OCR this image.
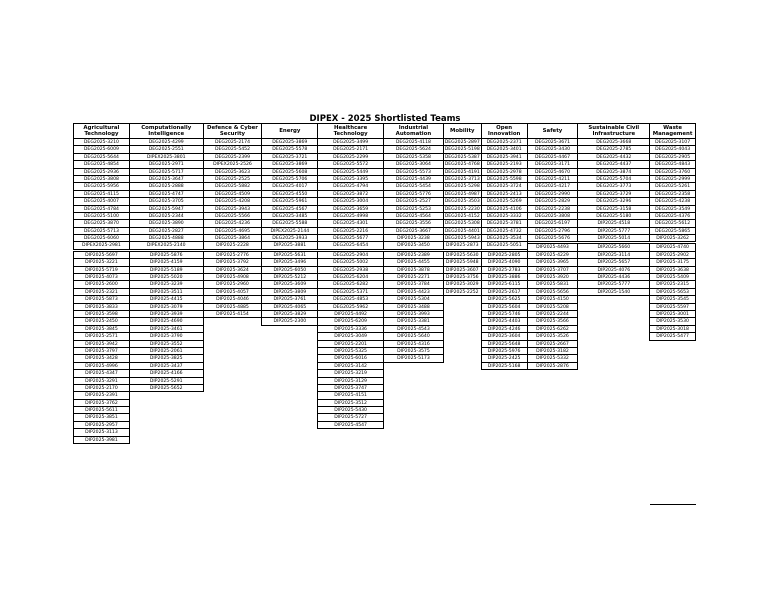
DIPEX - 2025 Shortlisted Teams
Agricultural Technology
DEG2025-3210
DEG2025-6009
DEG2025-5644
DEG2025-4854
DEG2025-2936
DEG2025-3808
DEG2025-5956
DEG2025-4115
DEG2025-4007
DEG2025-4784
DEG2025-5100
DEG2025-3870
DEG2025-5713
DEG2025-6060
DIPEX2025-2981
DIP2025-5697
DIP2025-3221
DIP2025-5719
DIP2025-4073
DIP2025-2600
DIP2025-2321
DIP2025-5873
DIP2025-3833
DIP2025-3598
DIP2025-2450
DIP2025-3845
DIP2025-2571
DIP2025-3942
DIP2025-3797
DIP2025-3428
DIP2025-4996
DIP2025-4347
DIP2025-3291
DIP2025-2170
DIP2025-2391
DIP2025-3762
DIP2025-5611
DIP2025-3851
DIP2025-2957
DIP2025-3113
DIP2025-3981
Computationally Intelligence
DEG2025-4299
DEG2025-2551
DIPEX2025-3801
DEG2025-2971
DEG2025-5717
DEG2025-3647
DEG2025-2888
DEG2025-4747
DEG2025-3705
DEG2025-5947
DEG2025-2344
DEG2025-3890
DEG2025-2827
DEG2025-4888
DIPEX2025-2140
DIP2025-5876
DIP2025-4159
DIP2025-5189
DIP2025-5020
DIP2025-3239
DIP2025-3511
DIP2025-4415
DIP2025-3079
DIP2025-3939
DIP2025-4690
DIP2025-3461
DIP2025-3790
DIP2025-3552
DIP2025-2061
DIP2025-3825
DIP2025-3437
DIP2025-4166
DIP2025-5291
DIP2025-5652
Defence & Cyber Security
DEG2025-2174
DEG2025-5452
DEG2025-2399
DIPEX2025-2526
DEG2025-3623
DEG2025-2525
DEG2025-5882
DEG2025-4509
DEG2025-4208
DEG2025-3943
DEG2025-5566
DEG2025-4236
DEG2025-4695
DEG2025-3864
DIP2025-2228
DIP2025-2776
DIP2025-3792
DIP2025-3624
DIP2025-4908
DIP2025-2960
DIP2025-4057
DIP2025-4046
DIP2025-4885
DIP2025-4154
Energy
DEG2025-3869
DEG2025-5578
DEG2025-3721
DEG2025-3869
DEG2025-5608
DEG2025-5706
DEG2025-4017
DEG2025-4550
DEG2025-5961
DEG2025-4567
DEG2025-3485
DEG2025-5588
DIPEX2025-2144
DEG2025-3933
DIP2025-3881
DIP2025-5631
DIP2025-3496
DIP2025-6050
DIP2025-5212
DIP2025-3609
DIP2025-3809
DIP2025-3761
DIP2025-4065
DIP2025-3829
DIP2025-2300
Healthcare Technology
DEG2025-3499
DEG2025-2171
DEG2025-2299
DEG2025-5572
DEG2025-5449
DEG2025-3395
DEG2025-4794
DEG2025-3872
DEG2025-3004
DEG2025-3659
DEG2025-4998
DEG2025-4301
DEG2025-2216
DEG2025-5677
DEG2025-6454
DEG2025-2904
DEG2025-5002
DEG2025-2938
DEG2025-6204
DEG2025-6282
DEG2025-5371
DEG2025-4853
DEG2025-5962
DIP2025-4492
DIP2025-6209
DIP2025-3336
DIP2025-3049
DIP2025-2201
DIP2025-5325
DIP2025-6016
DIP2025-3142
DIP2025-3219
DIP2025-3129
DIP2025-3747
DIP2025-4151
DIP2025-3512
DIP2025-5430
DIP2025-5727
DIP2025-4547
Industrial Automation
DEG2025-4118
DEG2025-5624
DEG2025-5358
DEG2025-3064
DEG2025-5573
DEG2025-4439
DEG2025-5454
DEG2025-5776
DEG2025-2527
DEG2025-5253
DEG2025-4564
DEG2025-3556
DEG2025-3667
DIP2025-3238
DIP2025-3450
DIP2025-2389
DIP2025-4455
DIP2025-3878
DIP2025-2271
DIP2025-3784
DIP2025-4423
DIP2025-5304
DIP2025-3488
DIP2025-3993
DIP2025-3381
DIP2025-4543
DIP2025-5640
DIP2025-4316
DIP2025-3575
DIP2025-5173
Mobility
DEG2025-2897
DEG2025-5198
DEG2025-5387
DEG2025-4768
DEG2025-4191
DEG2025-3713
DEG2025-5298
DEG2025-4987
DEG2025-3503
DEG2025-2230
DEG2025-4152
DEG2025-5308
DEG2025-4401
DEG2025-5943
DIP2025-2873
DIP2025-5630
DIP2025-5948
DIP2025-3607
DIP2025-3756
DIP2025-3029
DIP2025-2252
Open Innovation
DEG2025-2371
DEG2025-3401
DEG2025-3941
DEG2025-2193
DEG2025-2978
DEG2025-5598
DEG2025-3724
DEG2025-2413
DEG2025-5269
DEG2025-4106
DEG2025-3332
DEG2025-3781
DEG2025-4732
DEG2025-3534
DEG2025-5051
DIP2025-2805
DIP2025-4090
DIP2025-2783
DIP2025-3886
DIP2025-6115
DIP2025-2617
DIP2025-5625
DIP2025-5604
DIP2025-5746
DIP2025-4403
DIP2025-4246
DIP2025-3604
DIP2025-5648
DIP2025-5976
DIP2025-2425
DIP2025-5168
Safety
DEG2025-3671
DEG2025-3430
DEG2025-4467
DEG2025-3171
DEG2025-4670
DEG2025-4211
DEG2025-4217
DEG2025-2990
DEG2025-2829
DEG2025-2238
DEG2025-3808
DEG2025-6197
DEG2025-2796
DEG2025-5676
DIP2025-4493
DIP2025-4229
DIP2025-3965
DIP2025-3707
DIP2025-3920
DIP2025-5831
DIP2025-5656
DIP2025-4150
DIP2025-5208
DIP2025-2244
DIP2025-3566
DIP2025-6262
DIP2025-3526
DIP2025-2667
DIP2025-3182
DIP2025-5332
DIP2025-2876
Sustainable Civil Infrastructure
DEG2025-3668
DEG2025-2785
DEG2025-4432
DEG2025-4437
DEG2025-3874
DEG2025-5704
DEG2025-3773
DEG2025-3729
DEG2025-3296
DEG2025-3158
DEG2025-5180
DIP2025-4518
DIP2025-5777
DIP2025-5014
DIP2025-5660
DIP2025-3114
DIP2025-5657
DIP2025-4076
DIP2025-4436
DIP2025-5777
DIP2025-1540
Waste Management
DEG2025-3107
DEG2025-4043
DEG2025-2905
DEG2025-4843
DEG2025-3760
DEG2025-2999
DEG2025-5261
DEG2025-2358
DEG2025-4238
DEG2025-3549
DEG2025-4376
DEG2025-5612
DEG2025-5865
DIP2025-3262
DIP2025-4740
DIP2025-2902
DIP2025-3175
DIP2025-3638
DIP2025-5409
DIP2025-2315
DIP2025-5653
DIP2025-3545
DIP2025-5597
DIP2025-3001
DIP2025-3530
DIP2025-3018
DIP2025-5477
